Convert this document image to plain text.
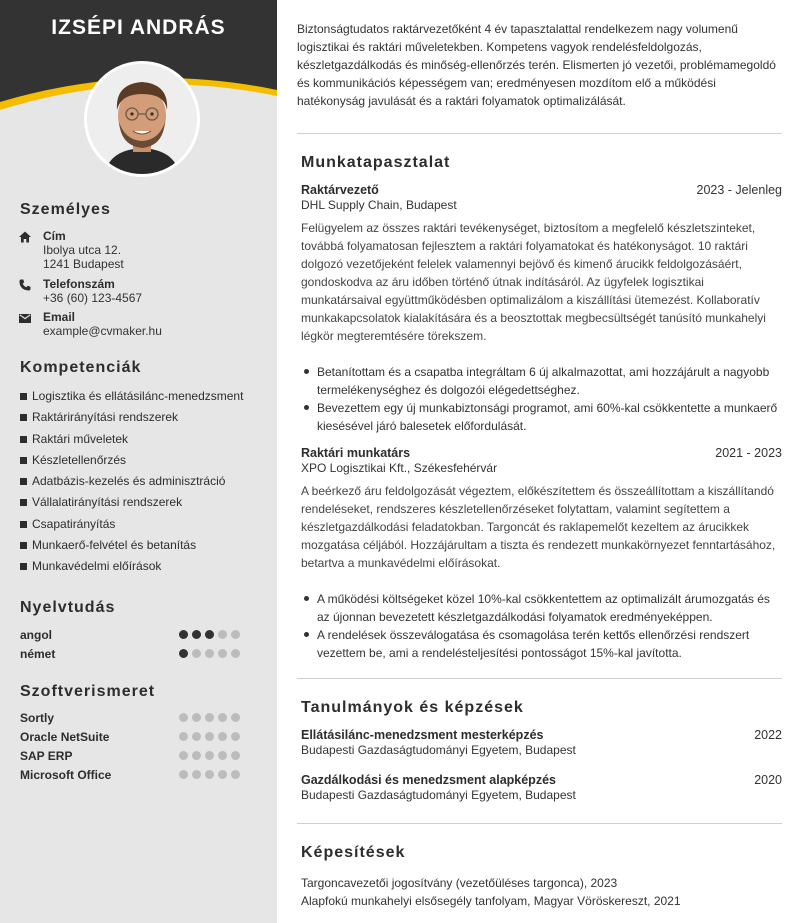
IZSÉPI ANDRÁS
Személyes
Cím
Ibolya utca 12.
1241 Budapest
Telefonszám
+36 (60) 123-4567
Email
example@cvmaker.hu
Kompetenciák
Logisztika és ellátásilánc-menedzsment
Raktárirányítási rendszerek
Raktári műveletek
Készletellenőrzés
Adatbázis-kezelés és adminisztráció
Vállalatirányítási rendszerek
Csapatirányítás
Munkaerő-felvétel és betanítás
Munkavédelmi előírások
Nyelvtudás
angol
német
Szoftverismeret
Sortly
Oracle NetSuite
SAP ERP
Microsoft Office
Biztonságtudatos raktárvezetőként 4 év tapasztalattal rendelkezem nagy volumenű logisztikai és raktári műveletekben. Kompetens vagyok rendelésfeldolgozás, készletgazdálkodás és minőség-ellenőrzés terén. Elismerten jó vezetői, problémamegoldó és kommunikációs képességem van; eredményesen mozdítom elő a működési hatékonyság javulását és a raktári folyamatok optimalizálását.
Munkatapasztalat
Raktárvezető	2023 - Jelenleg
DHL Supply Chain, Budapest
Felügyelem az összes raktári tevékenységet, biztosítom a megfelelő készletszinteket, továbbá folyamatosan fejlesztem a raktári folyamatokat és hatékonyságot. 10 raktári dolgozó vezetőjeként felelek valamennyi bejövő és kimenő árucikk feldolgozásáért, gondoskodva az áru időben történő útnak indításáról. Az ügyfelek logisztikai munkatársaival együttműködésben optimalizálom a kiszállítási ütemezést. Kollaboratív munkakapcsolatok kialakítására és a beosztottak megbecsültségét tanúsító munkahelyi légkör megteremtésére törekszem.
Betanítottam és a csapatba integráltam 6 új alkalmazottat, ami hozzájárult a nagyobb termelékenységhez és dolgozói elégedettséghez.
Bevezettem egy új munkabiztonsági programot, ami 60%-kal csökkentette a munkaerő kiesésével járó balesetek előfordulását.
Raktári munkatárs	2021 - 2023
XPO Logisztikai Kft., Székesfehérvár
A beérkező áru feldolgozását végeztem, előkészítettem és összeállítottam a kiszállítandó rendeléseket, rendszeres készletellenőrzéseket folytattam, valamint segítettem a készletgazdálkodási feladatokban. Targoncát és raklapemelőt kezeltem az árucikkek mozgatása céljából. Hozzájárultam a tiszta és rendezett munkakörnyezet fenntartásához, betartva a munkavédelmi előírásokat.
A működési költségeket közel 10%-kal csökkentettem az optimalizált árumozgatás és az újonnan bevezetett készletgazdálkodási folyamatok eredményeképpen.
A rendelések összeválogatása és csomagolása terén kettős ellenőrzési rendszert vezettem be, ami a rendelésteljesítési pontosságot 15%-kal javította.
Tanulmányok és képzések
Ellátásilánc-menedzsment mesterképzés	2022
Budapesti Gazdaságtudományi Egyetem, Budapest
Gazdálkodási és menedzsment alapképzés	2020
Budapesti Gazdaságtudományi Egyetem, Budapest
Képesítések
Targoncavezetői jogosítvány (vezetőüléses targonca), 2023
Alapfokú munkahelyi elsősegély tanfolyam, Magyar Vöröskereszt, 2021
